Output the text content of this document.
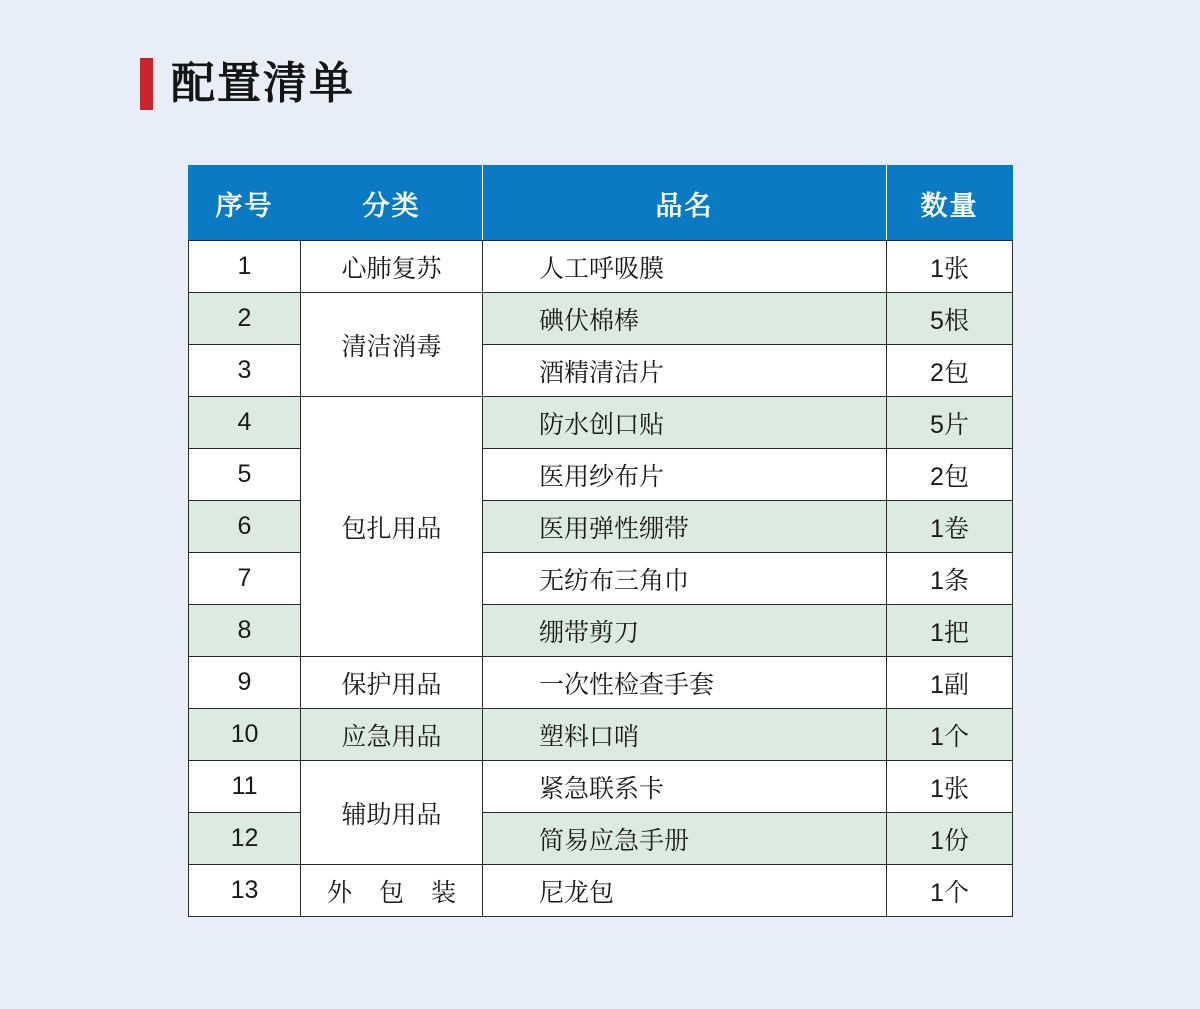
配置清单
序号	分类	品名	数量
1	心肺复苏	人工呼吸膜	1张
2	清洁消毒	碘伏棉棒	5根
3		酒精清洁片	2包
4	包扎用品	防水创口贴	5片
5		医用纱布片	2包
6		医用弹性绷带	1卷
7		无纺布三角巾	1条
8		绷带剪刀	1把
9	保护用品	一次性检查手套	1副
10	应急用品	塑料口哨	1个
11	辅助用品	紧急联系卡	1张
12		简易应急手册	1份
13	外 包 装	尼龙包	1个
